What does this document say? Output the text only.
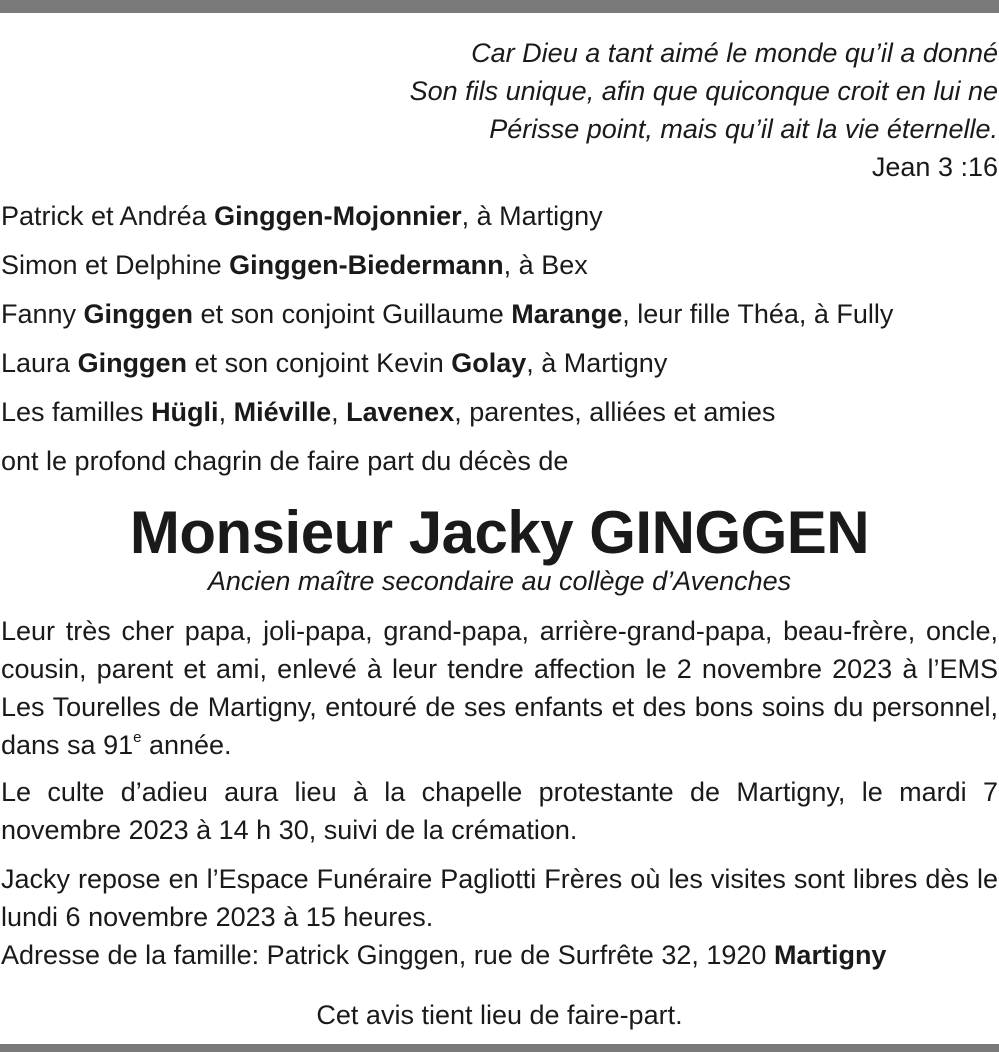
Car Dieu a tant aimé le monde qu’il a donné
Son fils unique, afin que quiconque croit en lui ne
Périsse point, mais qu’il ait la vie éternelle.
Jean 3 :16
Patrick et Andréa Ginggen-Mojonnier, à Martigny
Simon et Delphine Ginggen-Biedermann, à Bex
Fanny Ginggen et son conjoint Guillaume Marange, leur fille Théa, à Fully
Laura Ginggen et son conjoint Kevin Golay, à Martigny
Les familles Hügli, Miéville, Lavenex, parentes, alliées et amies
ont le profond chagrin de faire part du décès de
Monsieur Jacky GINGGEN
Ancien maître secondaire au collège d’Avenches
Leur très cher papa, joli-papa, grand-papa, arrière-grand-papa, beau-frère, oncle, cousin, parent et ami, enlevé à leur tendre affection le 2 novembre 2023 à l’EMS Les Tourelles de Martigny, entouré de ses enfants et des bons soins du personnel, dans sa 91e année.
Le culte d’adieu aura lieu à la chapelle protestante de Martigny, le mardi 7 novembre 2023 à 14 h 30, suivi de la crémation.
Jacky repose en l’Espace Funéraire Pagliotti Frères où les visites sont libres dès le lundi 6 novembre 2023 à 15 heures.
Adresse de la famille: Patrick Ginggen, rue de Surfrête 32, 1920 Martigny
Cet avis tient lieu de faire-part.
